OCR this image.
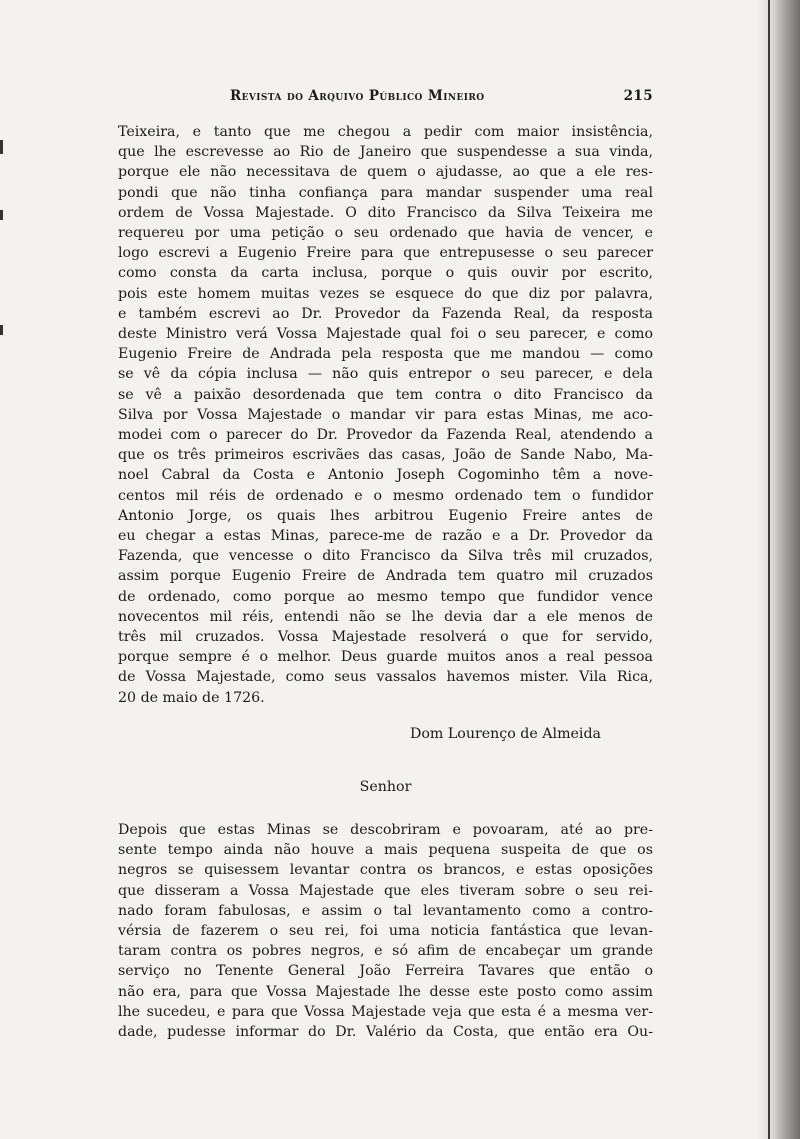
Revista do Arquivo Público Mineiro	215

Teixeira, e tanto que me chegou a pedir com maior insistência,
que lhe escrevesse ao Rio de Janeiro que suspendesse a sua vinda,
porque ele não necessitava de quem o ajudasse, ao que a ele res-
pondi que não tinha confiança para mandar suspender uma real
ordem de Vossa Majestade. O dito Francisco da Silva Teixeira me
requereu por uma petição o seu ordenado que havia de vencer, e
logo escrevi a Eugenio Freire para que entrepusesse o seu parecer
como consta da carta inclusa, porque o quis ouvir por escrito,
pois este homem muitas vezes se esquece do que diz por palavra,
e também escrevi ao Dr. Provedor da Fazenda Real, da resposta
deste Ministro verá Vossa Majestade qual foi o seu parecer, e como
Eugenio Freire de Andrada pela resposta que me mandou — como
se vê da cópia inclusa — não quis entrepor o seu parecer, e dela
se vê a paixão desordenada que tem contra o dito Francisco da
Silva por Vossa Majestade o mandar vir para estas Minas, me aco-
modei com o parecer do Dr. Provedor da Fazenda Real, atendendo a
que os três primeiros escrivães das casas, João de Sande Nabo, Ma-
noel Cabral da Costa e Antonio Joseph Cogominho têm a nove-
centos mil réis de ordenado e o mesmo ordenado tem o fundidor
Antonio Jorge, os quais lhes arbitrou Eugenio Freire antes de
eu chegar a estas Minas, parece-me de razão e a Dr. Provedor da
Fazenda, que vencesse o dito Francisco da Silva três mil cruzados,
assim porque Eugenio Freire de Andrada tem quatro mil cruzados
de ordenado, como porque ao mesmo tempo que fundidor vence
novecentos mil réis, entendi não se lhe devia dar a ele menos de
três mil cruzados. Vossa Majestade resolverá o que for servido,
porque sempre é o melhor. Deus guarde muitos anos a real pessoa
de Vossa Majestade, como seus vassalos havemos mister. Vila Rica,
20 de maio de 1726.

Dom Lourenço de Almeida
Senhor

Depois que estas Minas se descobriram e povoaram, até ao pre-
sente tempo ainda não houve a mais pequena suspeita de que os
negros se quisessem levantar contra os brancos, e estas oposições
que disseram a Vossa Majestade que eles tiveram sobre o seu rei-
nado foram fabulosas, e assim o tal levantamento como a contro-
vérsia de fazerem o seu rei, foi uma noticia fantástica que levan-
taram contra os pobres negros, e só afim de encabeçar um grande
serviço no Tenente General João Ferreira Tavares que então o
não era, para que Vossa Majestade lhe desse este posto como assim
lhe sucedeu, e para que Vossa Majestade veja que esta é a mesma ver-
dade, pudesse informar do Dr. Valério da Costa, que então era Ou-
